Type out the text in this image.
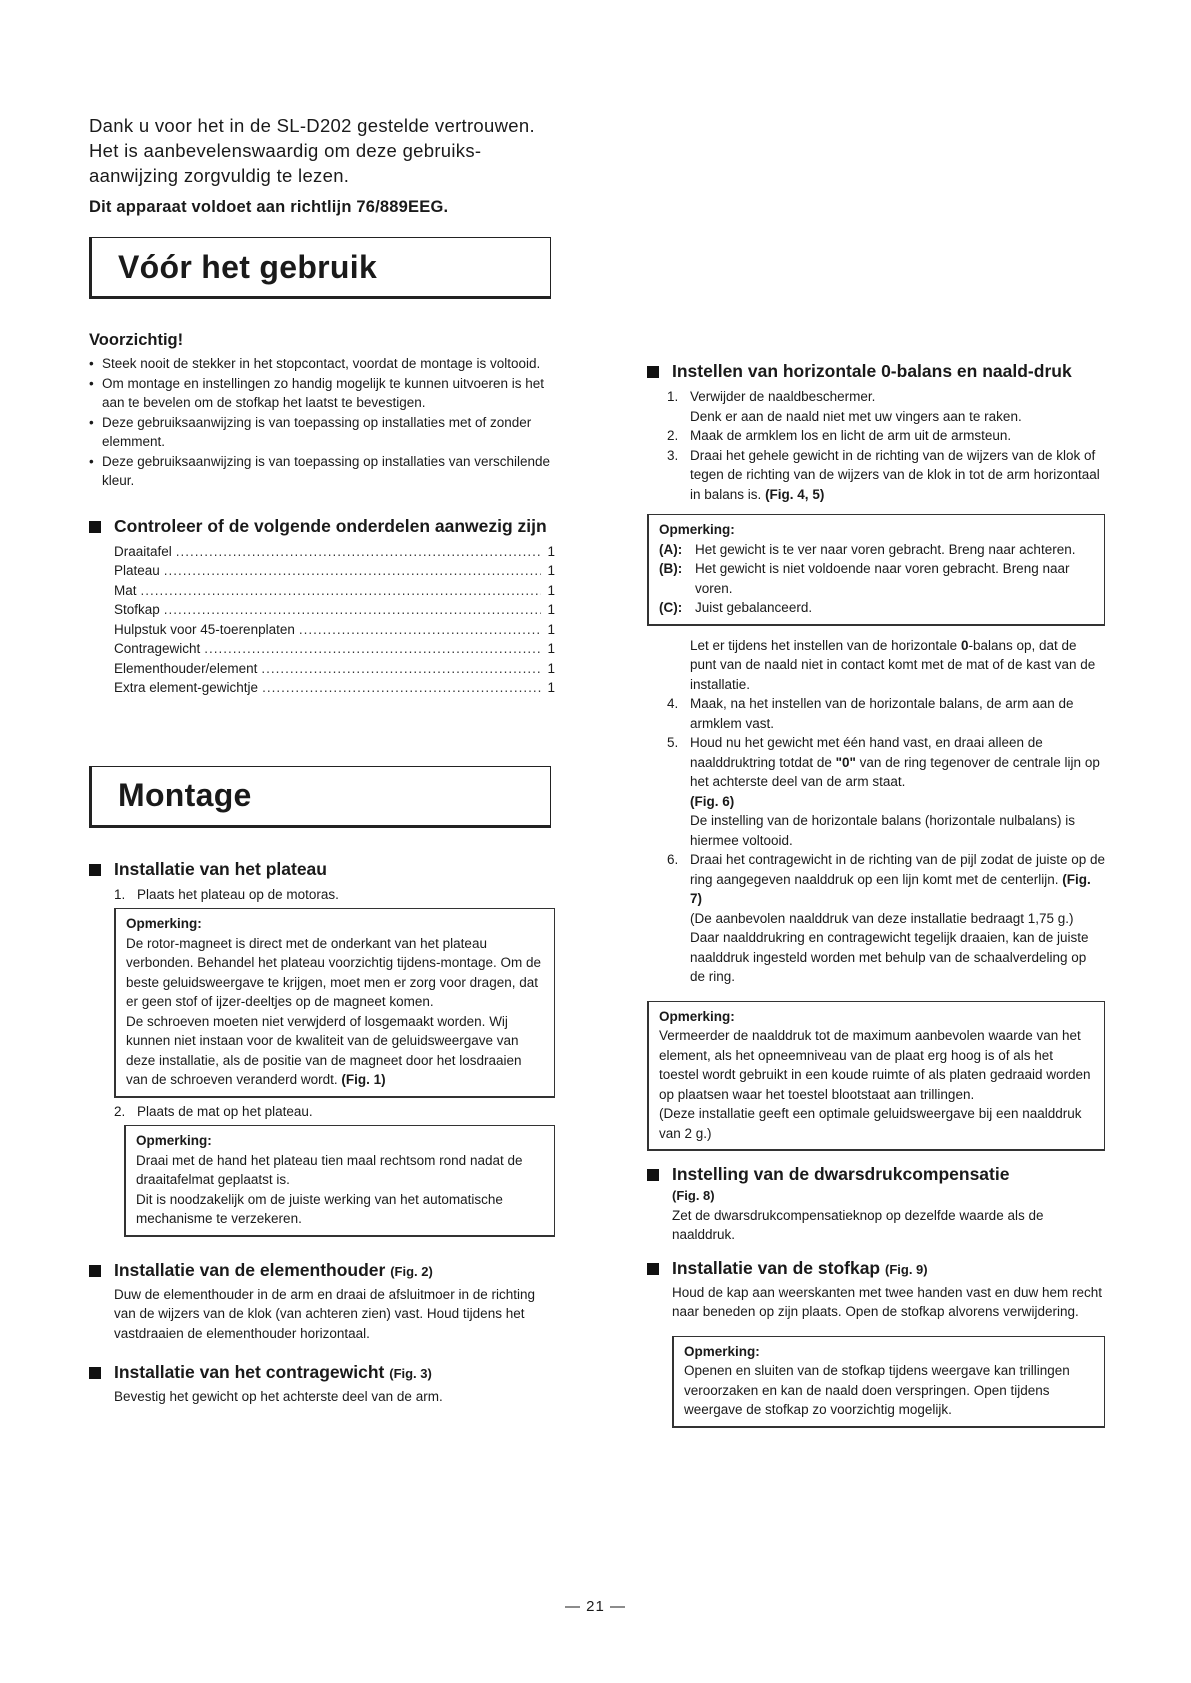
Dank u voor het in de SL-D202 gestelde vertrouwen.

Het is aanbevelenswaardig om deze gebruiks-aanwijzing zorgvuldig te lezen.

Dit apparaat voldoet aan richtlijn 76/889EEG.

Vóór het gebruik
Voorzichtig!
• Steek nooit de stekker in het stopcontact, voordat de montage is voltooid.
• Om montage en instellingen zo handig mogelijk te kunnen uitvoeren is het aan te bevelen om de stofkap het laatst te bevestigen.
• Deze gebruiksaanwijzing is van toepassing op installaties met of zonder elemment.
• Deze gebruiksaanwijzing is van toepassing op installaties van verschilende kleur.
Controleer of de volgende onderdelen aanwezig zijn
Draaitafel .....	1
Plateau .....	1
Mat .....	1
Stofkap .....	1
Hulpstuk voor 45-toerenplaten .....	1
Contragewicht .....	1
Elementhouder/element .....	1
Extra element-gewichtje .....	1
Montage
Installatie van het plateau
1. Plaats het plateau op de motoras.
Opmerking:
De rotor-magneet is direct met de onderkant van het plateau verbonden. Behandel het plateau voorzichtig tijdens-montage. Om de beste geluidsweergave te krijgen, moet men er zorg voor dragen, dat er geen stof of ijzer-deeltjes op de magneet komen.
De schroeven moeten niet verwjderd of losgemaakt worden. Wij kunnen niet instaan voor de kwaliteit van de geluidsweergave van deze installatie, als de positie van de magneet door het losdraaien van de schroeven veranderd wordt. (Fig. 1)
2. Plaats de mat op het plateau.
Opmerking:
Draai met de hand het plateau tien maal rechtsom rond nadat de draaitafelmat geplaatst is.
Dit is noodzakelijk om de juiste werking van het automatische mechanisme te verzekeren.
Installatie van de elementhouder (Fig. 2)
Duw de elementhouder in de arm en draai de afsluitmoer in de richting van de wijzers van de klok (van achteren zien) vast. Houd tijdens het vastdraaien de elementhouder horizontaal.
Installatie van het contragewicht (Fig. 3)
Bevestig het gewicht op het achterste deel van de arm.
Instellen van horizontale 0-balans en naald-druk
1. Verwijder de naaldbeschermer.
Denk er aan de naald niet met uw vingers aan te raken.
2. Maak de armklem los en licht de arm uit de armsteun.
3. Draai het gehele gewicht in de richting van de wijzers van de klok of tegen de richting van de wijzers van de klok in tot de arm horizontaal in balans is. (Fig. 4, 5)
Opmerking:
(A): Het gewicht is te ver naar voren gebracht. Breng naar achteren.
(B): Het gewicht is niet voldoende naar voren gebracht. Breng naar voren.
(C): Juist gebalanceerd.
Let er tijdens het instellen van de horizontale 0-balans op, dat de punt van de naald niet in contact komt met de mat of de kast van de installatie.
4. Maak, na het instellen van de horizontale balans, de arm aan de armklem vast.
5. Houd nu het gewicht met één hand vast, en draai alleen de naalddruktring totdat de "0" van de ring tegenover de centrale lijn op het achterste deel van de arm staat.
(Fig. 6)
De instelling van de horizontale balans (horizontale nulbalans) is hiermee voltooid.
6. Draai het contragewicht in de richting van de pijl zodat de juiste op de ring aangegeven naalddruk op een lijn komt met de centerlijn. (Fig. 7)
(De aanbevolen naalddruk van deze installatie bedraagt 1,75 g.)
Daar naalddrukring en contragewicht tegelijk draaien, kan de juiste naalddruk ingesteld worden met behulp van de schaalverdeling op de ring.
Opmerking:
Vermeerder de naalddruk tot de maximum aanbevolen waarde van het element, als het opneemniveau van de plaat erg hoog is of als het toestel wordt gebruikt in een koude ruimte of als platen gedraaid worden op plaatsen waar het toestel blootstaat aan trillingen.
(Deze installatie geeft een optimale geluidsweergave bij een naalddruk van 2 g.)
Instelling van de dwarsdrukcompensatie
(Fig. 8)
Zet de dwarsdrukcompensatieknop op dezelfde waarde als de naalddruk.
Installatie van de stofkap (Fig. 9)
Houd de kap aan weerskanten met twee handen vast en duw hem recht naar beneden op zijn plaats. Open de stofkap alvorens verwijdering.
Opmerking:
Openen en sluiten van de stofkap tijdens weergave kan trillingen veroorzaken en kan de naald doen verspringen. Open tijdens weergave de stofkap zo voorzichtig mogelijk.
— 21 —
